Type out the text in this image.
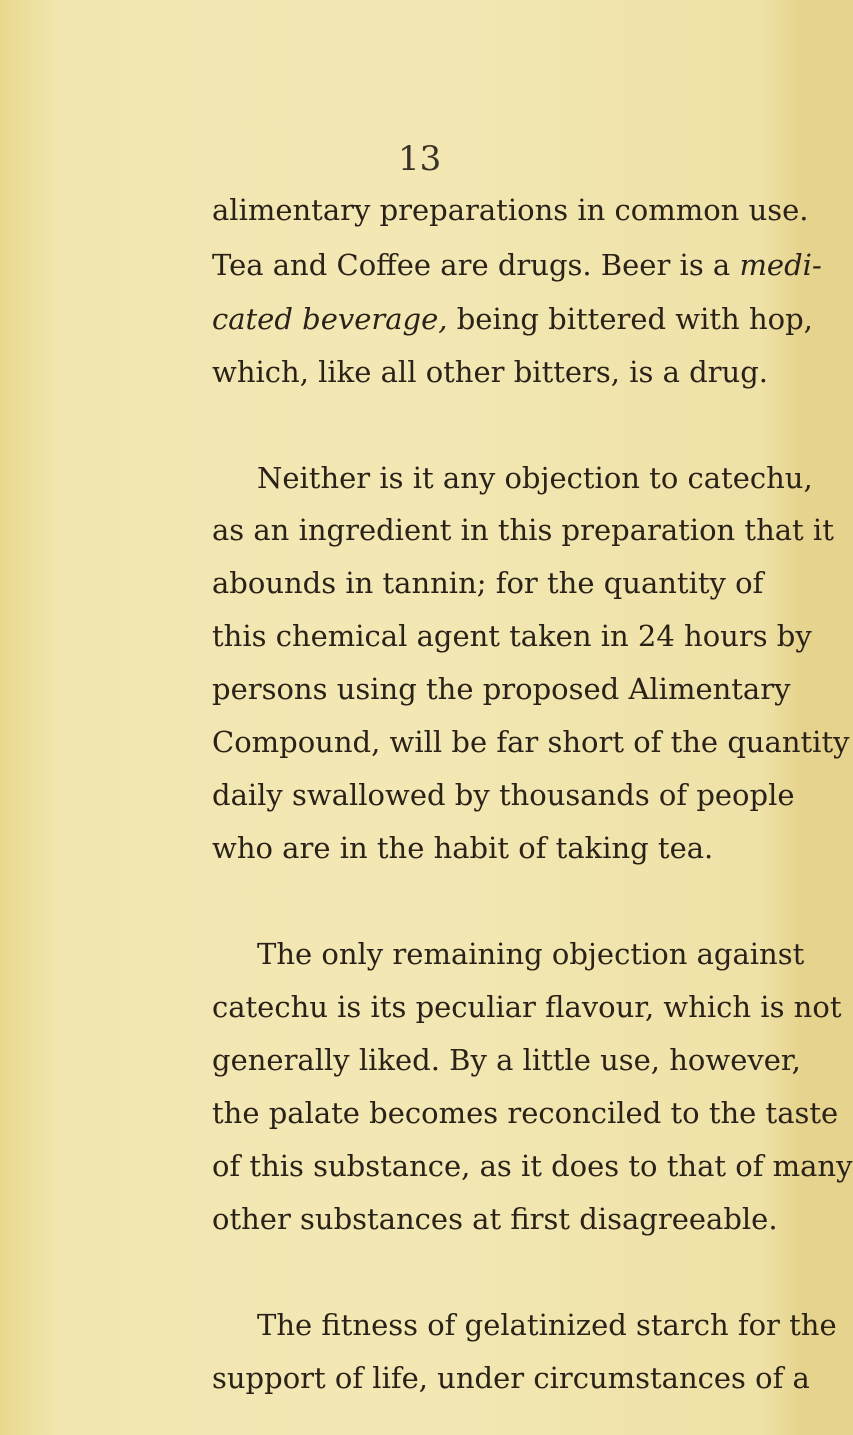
13
alimentary preparations in common use.
Tea and Coffee are drugs. Beer is a medi-
cated beverage, being bittered with hop,
which, like all other bitters, is a drug.
Neither is it any objection to catechu,
as an ingredient in this preparation that it
abounds in tannin; for the quantity of
this chemical agent taken in 24 hours by
persons using the proposed Alimentary
Compound, will be far short of the quantity
daily swallowed by thousands of people
who are in the habit of taking tea.
The only remaining objection against
catechu is its peculiar flavour, which is not
generally liked. By a little use, however,
the palate becomes reconciled to the taste
of this substance, as it does to that of many
other substances at first disagreeable.
The fitness of gelatinized starch for the
support of life, under circumstances of a
